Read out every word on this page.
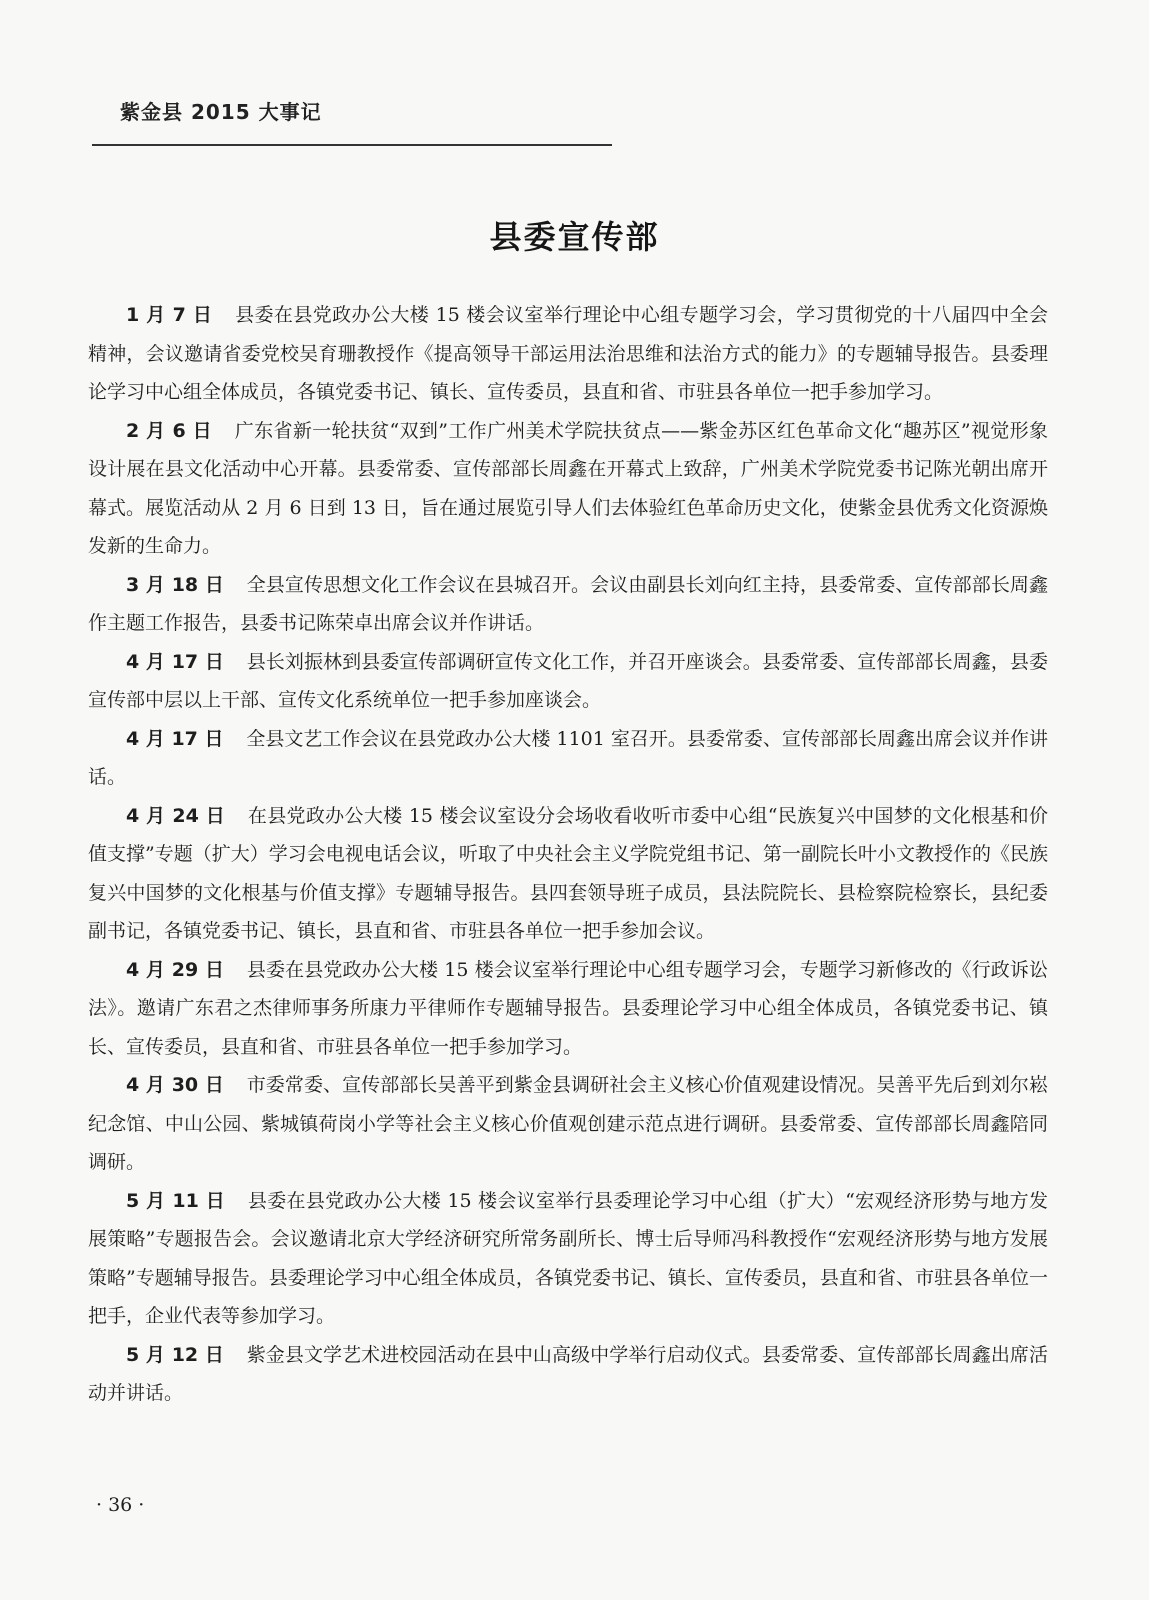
紫金县 2015 大事记
县委宣传部

1 月 7 日 县委在县党政办公大楼 15 楼会议室举行理论中心组专题学习会，学习贯彻党的十八届四中全会精神，会议邀请省委党校吴育珊教授作《提高领导干部运用法治思维和法治方式的能力》的专题辅导报告。县委理论学习中心组全体成员，各镇党委书记、镇长、宣传委员，县直和省、市驻县各单位一把手参加学习。

2 月 6 日 广东省新一轮扶贫“双到”工作广州美术学院扶贫点——紫金苏区红色革命文化“趣苏区”视觉形象设计展在县文化活动中心开幕。县委常委、宣传部部长周鑫在开幕式上致辞，广州美术学院党委书记陈光朝出席开幕式。展览活动从 2 月 6 日到 13 日，旨在通过展览引导人们去体验红色革命历史文化，使紫金县优秀文化资源焕发新的生命力。

3 月 18 日 全县宣传思想文化工作会议在县城召开。会议由副县长刘向红主持，县委常委、宣传部部长周鑫作主题工作报告，县委书记陈荣卓出席会议并作讲话。

4 月 17 日 县长刘振林到县委宣传部调研宣传文化工作，并召开座谈会。县委常委、宣传部部长周鑫，县委宣传部中层以上干部、宣传文化系统单位一把手参加座谈会。

4 月 17 日 全县文艺工作会议在县党政办公大楼 1101 室召开。县委常委、宣传部部长周鑫出席会议并作讲话。

4 月 24 日 在县党政办公大楼 15 楼会议室设分会场收看收听市委中心组“民族复兴中国梦的文化根基和价值支撑”专题（扩大）学习会电视电话会议，听取了中央社会主义学院党组书记、第一副院长叶小文教授作的《民族复兴中国梦的文化根基与价值支撑》专题辅导报告。县四套领导班子成员，县法院院长、县检察院检察长，县纪委副书记，各镇党委书记、镇长，县直和省、市驻县各单位一把手参加会议。

4 月 29 日 县委在县党政办公大楼 15 楼会议室举行理论中心组专题学习会，专题学习新修改的《行政诉讼法》。邀请广东君之杰律师事务所康力平律师作专题辅导报告。县委理论学习中心组全体成员，各镇党委书记、镇长、宣传委员，县直和省、市驻县各单位一把手参加学习。

4 月 30 日 市委常委、宣传部部长吴善平到紫金县调研社会主义核心价值观建设情况。吴善平先后到刘尔崧纪念馆、中山公园、紫城镇荷岗小学等社会主义核心价值观创建示范点进行调研。县委常委、宣传部部长周鑫陪同调研。

5 月 11 日 县委在县党政办公大楼 15 楼会议室举行县委理论学习中心组（扩大）“宏观经济形势与地方发展策略”专题报告会。会议邀请北京大学经济研究所常务副所长、博士后导师冯科教授作“宏观经济形势与地方发展策略”专题辅导报告。县委理论学习中心组全体成员，各镇党委书记、镇长、宣传委员，县直和省、市驻县各单位一把手，企业代表等参加学习。

5 月 12 日 紫金县文学艺术进校园活动在县中山高级中学举行启动仪式。县委常委、宣传部部长周鑫出席活动并讲话。

· 36 ·
